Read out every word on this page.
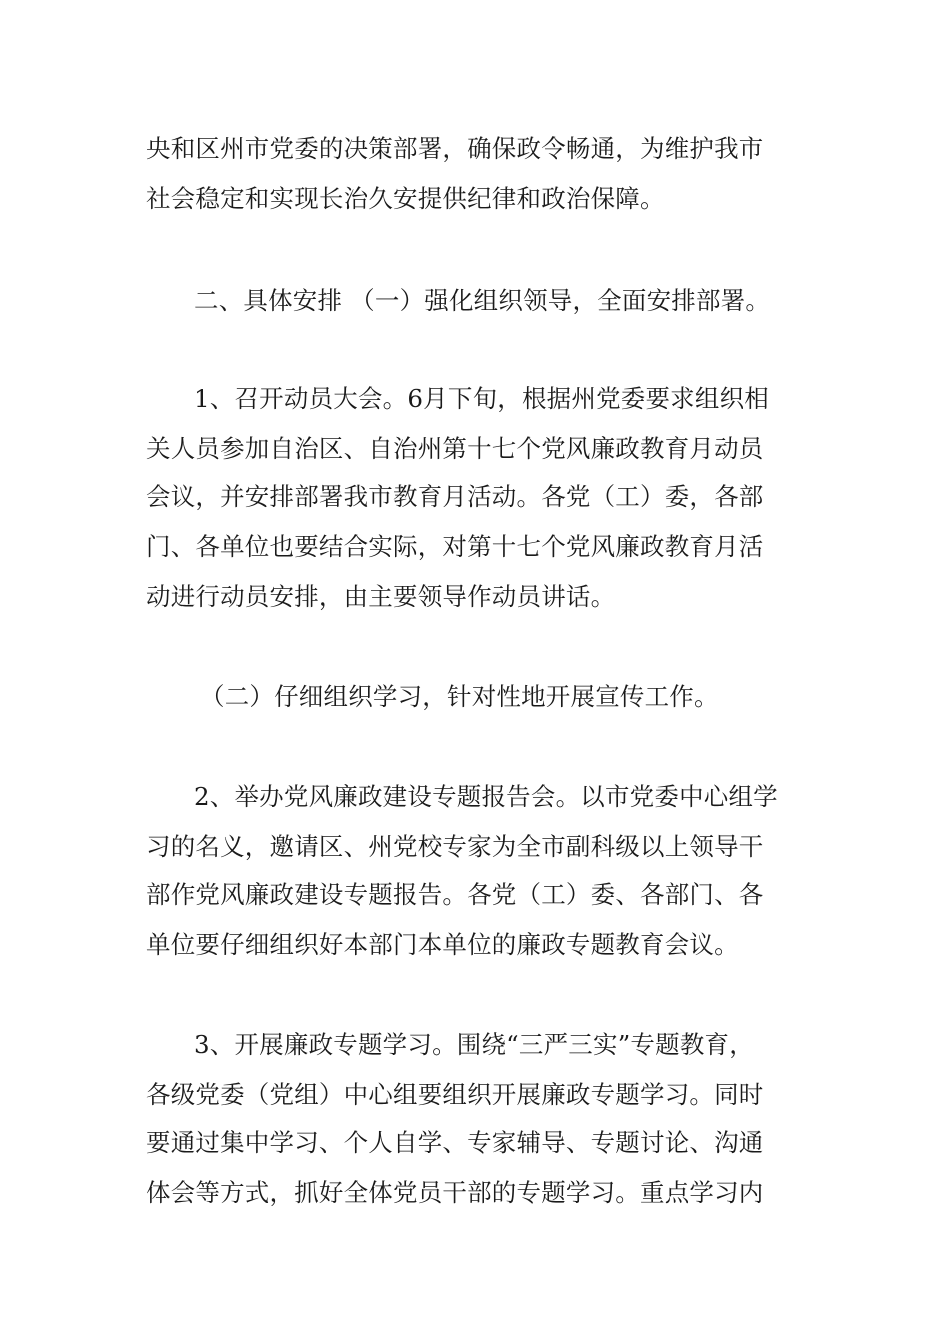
央和区州市党委的决策部署，确保政令畅通，为维护我市
社会稳定和实现长治久安提供纪律和政治保障。
二、具体安排 （一）强化组织领导，全面安排部署。
1、召开动员大会。6月下旬，根据州党委要求组织相
关人员参加自治区、自治州第十七个党风廉政教育月动员
会议，并安排部署我市教育月活动。各党（工）委，各部
门、各单位也要结合实际，对第十七个党风廉政教育月活
动进行动员安排，由主要领导作动员讲话。
（二）仔细组织学习，针对性地开展宣传工作。
2、举办党风廉政建设专题报告会。以市党委中心组学
习的名义，邀请区、州党校专家为全市副科级以上领导干
部作党风廉政建设专题报告。各党（工）委、各部门、各
单位要仔细组织好本部门本单位的廉政专题教育会议。
3、开展廉政专题学习。围绕“三严三实”专题教育，
各级党委（党组）中心组要组织开展廉政专题学习。同时
要通过集中学习、个人自学、专家辅导、专题讨论、沟通
体会等方式，抓好全体党员干部的专题学习。重点学习内
